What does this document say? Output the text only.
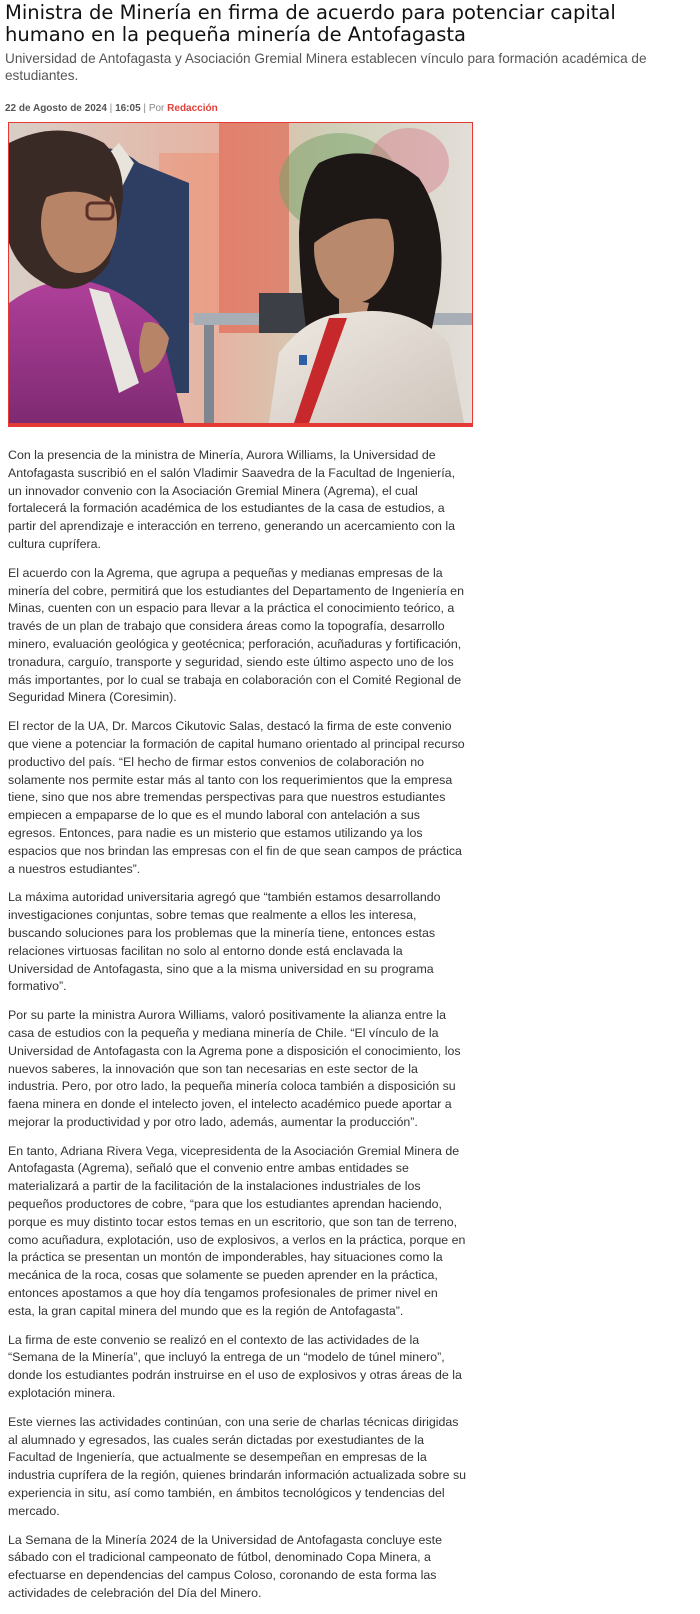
Ministra de Minería en firma de acuerdo para potenciar capital humano en la pequeña minería de Antofagasta

Universidad de Antofagasta y Asociación Gremial Minera establecen vínculo para formación académica de estudiantes.

22 de Agosto de 2024 | 16:05 | Por Redacción

Con la presencia de la ministra de Minería, Aurora Williams, la Universidad de Antofagasta suscribió en el salón Vladimir Saavedra de la Facultad de Ingeniería, un innovador convenio con la Asociación Gremial Minera (Agrema), el cual fortalecerá la formación académica de los estudiantes de la casa de estudios, a partir del aprendizaje e interacción en terreno, generando un acercamiento con la cultura cuprífera.

El acuerdo con la Agrema, que agrupa a pequeñas y medianas empresas de la minería del cobre, permitirá que los estudiantes del Departamento de Ingeniería en Minas, cuenten con un espacio para llevar a la práctica el conocimiento teórico, a través de un plan de trabajo que considera áreas como la topografía, desarrollo minero, evaluación geológica y geotécnica; perforación, acuñaduras y fortificación, tronadura, carguío, transporte y seguridad, siendo este último aspecto uno de los más importantes, por lo cual se trabaja en colaboración con el Comité Regional de Seguridad Minera (Coresimin).

El rector de la UA, Dr. Marcos Cikutovic Salas, destacó la firma de este convenio que viene a potenciar la formación de capital humano orientado al principal recurso productivo del país. “El hecho de firmar estos convenios de colaboración no solamente nos permite estar más al tanto con los requerimientos que la empresa tiene, sino que nos abre tremendas perspectivas para que nuestros estudiantes empiecen a empaparse de lo que es el mundo laboral con antelación a sus egresos. Entonces, para nadie es un misterio que estamos utilizando ya los espacios que nos brindan las empresas con el fin de que sean campos de práctica a nuestros estudiantes”.

La máxima autoridad universitaria agregó que “también estamos desarrollando investigaciones conjuntas, sobre temas que realmente a ellos les interesa, buscando soluciones para los problemas que la minería tiene, entonces estas relaciones virtuosas facilitan no solo al entorno donde está enclavada la Universidad de Antofagasta, sino que a la misma universidad en su programa formativo”.

Por su parte la ministra Aurora Williams, valoró positivamente la alianza entre la casa de estudios con la pequeña y mediana minería de Chile. “El vínculo de la Universidad de Antofagasta con la Agrema pone a disposición el conocimiento, los nuevos saberes, la innovación que son tan necesarias en este sector de la industria. Pero, por otro lado, la pequeña minería coloca también a disposición su faena minera en donde el intelecto joven, el intelecto académico puede aportar a mejorar la productividad y por otro lado, además, aumentar la producción”.

En tanto, Adriana Rivera Vega, vicepresidenta de la Asociación Gremial Minera de Antofagasta (Agrema), señaló que el convenio entre ambas entidades se materializará a partir de la facilitación de la instalaciones industriales de los pequeños productores de cobre, “para que los estudiantes aprendan haciendo, porque es muy distinto tocar estos temas en un escritorio, que son tan de terreno, como acuñadura, explotación, uso de explosivos, a verlos en la práctica, porque en la práctica se presentan un montón de imponderables, hay situaciones como la mecánica de la roca, cosas que solamente se pueden aprender en la práctica, entonces apostamos a que hoy día tengamos profesionales de primer nivel en esta, la gran capital minera del mundo que es la región de Antofagasta”.

La firma de este convenio se realizó en el contexto de las actividades de la “Semana de la Minería”, que incluyó la entrega de un “modelo de túnel minero”, donde los estudiantes podrán instruirse en el uso de explosivos y otras áreas de la explotación minera.

Este viernes las actividades continúan, con una serie de charlas técnicas dirigidas al alumnado y egresados, las cuales serán dictadas por exestudiantes de la Facultad de Ingeniería, que actualmente se desempeñan en empresas de la industria cuprífera de la región, quienes brindarán información actualizada sobre su experiencia in situ, así como también, en ámbitos tecnológicos y tendencias del mercado.

La Semana de la Minería 2024 de la Universidad de Antofagasta concluye este sábado con el tradicional campeonato de fútbol, denominado Copa Minera, a efectuarse en dependencias del campus Coloso, coronando de esta forma las actividades de celebración del Día del Minero.
